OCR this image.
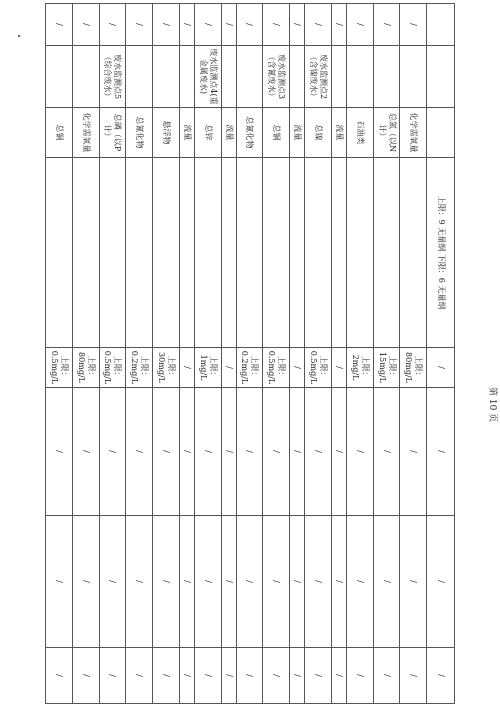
			上限：9 无量纲 下限：6 无量纲	/	/	/	/
/		化学需氧量		上限：80mg/L	/	/	/
/		总氮（以N计）		上限：15mg/L	/	/	/
/		石油类		上限：2mg/L	/	/	/
/		流量		/	/	/	/
/	废水监测点2（含镍废水）	总镍		上限：0.5mg/L	/	/	/
/		流量		/	/	/	/
/	废水监测点3（含氰废水）	总铜		上限：0.5mg/L	/	/	/
/		总氰化物		上限：0.2mg/L	/	/	/
/		流量		/	/	/	/
/	废水监测点4(重金属废水)	总锌		上限：1mg/L	/	/	/
/		流量		/	/	/	/
/		悬浮物		上限：30mg/L	/	/	/
/		总氰化物		上限：0.2mg/L	/	/	/
/	废水监测点5（综合废水）	总磷（以P计）		上限：0.5mg/L	/	/	/
/		化学需氧量		上限：80mg/L	/	/	/
/		总铜		上限：0.5mg/L	/	/	/
第 10 页
